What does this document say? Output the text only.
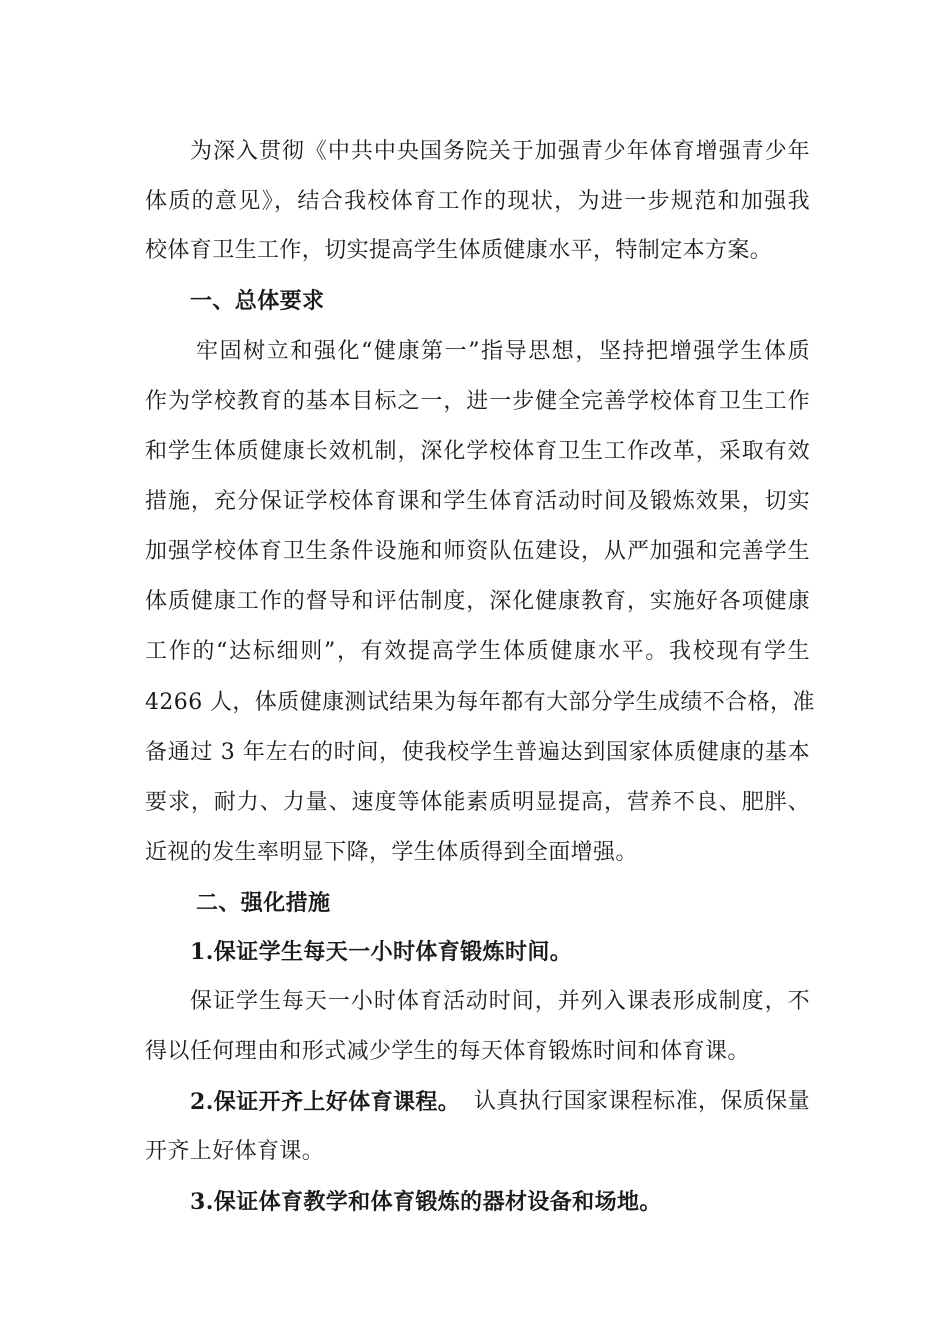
为深入贯彻《中共中央国务院关于加强青少年体育增强青少年
体质的意见》，结合我校体育工作的现状，为进一步规范和加强我
校体育卫生工作，切实提高学生体质健康水平，特制定本方案。
一、总体要求
牢固树立和强化“健康第一”指导思想，坚持把增强学生体质
作为学校教育的基本目标之一，进一步健全完善学校体育卫生工作
和学生体质健康长效机制，深化学校体育卫生工作改革，采取有效
措施，充分保证学校体育课和学生体育活动时间及锻炼效果，切实
加强学校体育卫生条件设施和师资队伍建设，从严加强和完善学生
体质健康工作的督导和评估制度，深化健康教育，实施好各项健康
工作的“达标细则”，有效提高学生体质健康水平。我校现有学生
4266 人，体质健康测试结果为每年都有大部分学生成绩不合格，准
备通过 3 年左右的时间，使我校学生普遍达到国家体质健康的基本
要求，耐力、力量、速度等体能素质明显提高，营养不良、肥胖、
近视的发生率明显下降，学生体质得到全面增强。
二、强化措施
1.保证学生每天一小时体育锻炼时间。
保证学生每天一小时体育活动时间，并列入课表形成制度，不
得以任何理由和形式减少学生的每天体育锻炼时间和体育课。
2.保证开齐上好体育课程。 认真执行国家课程标准，保质保量
开齐上好体育课。
3.保证体育教学和体育锻炼的器材设备和场地。
